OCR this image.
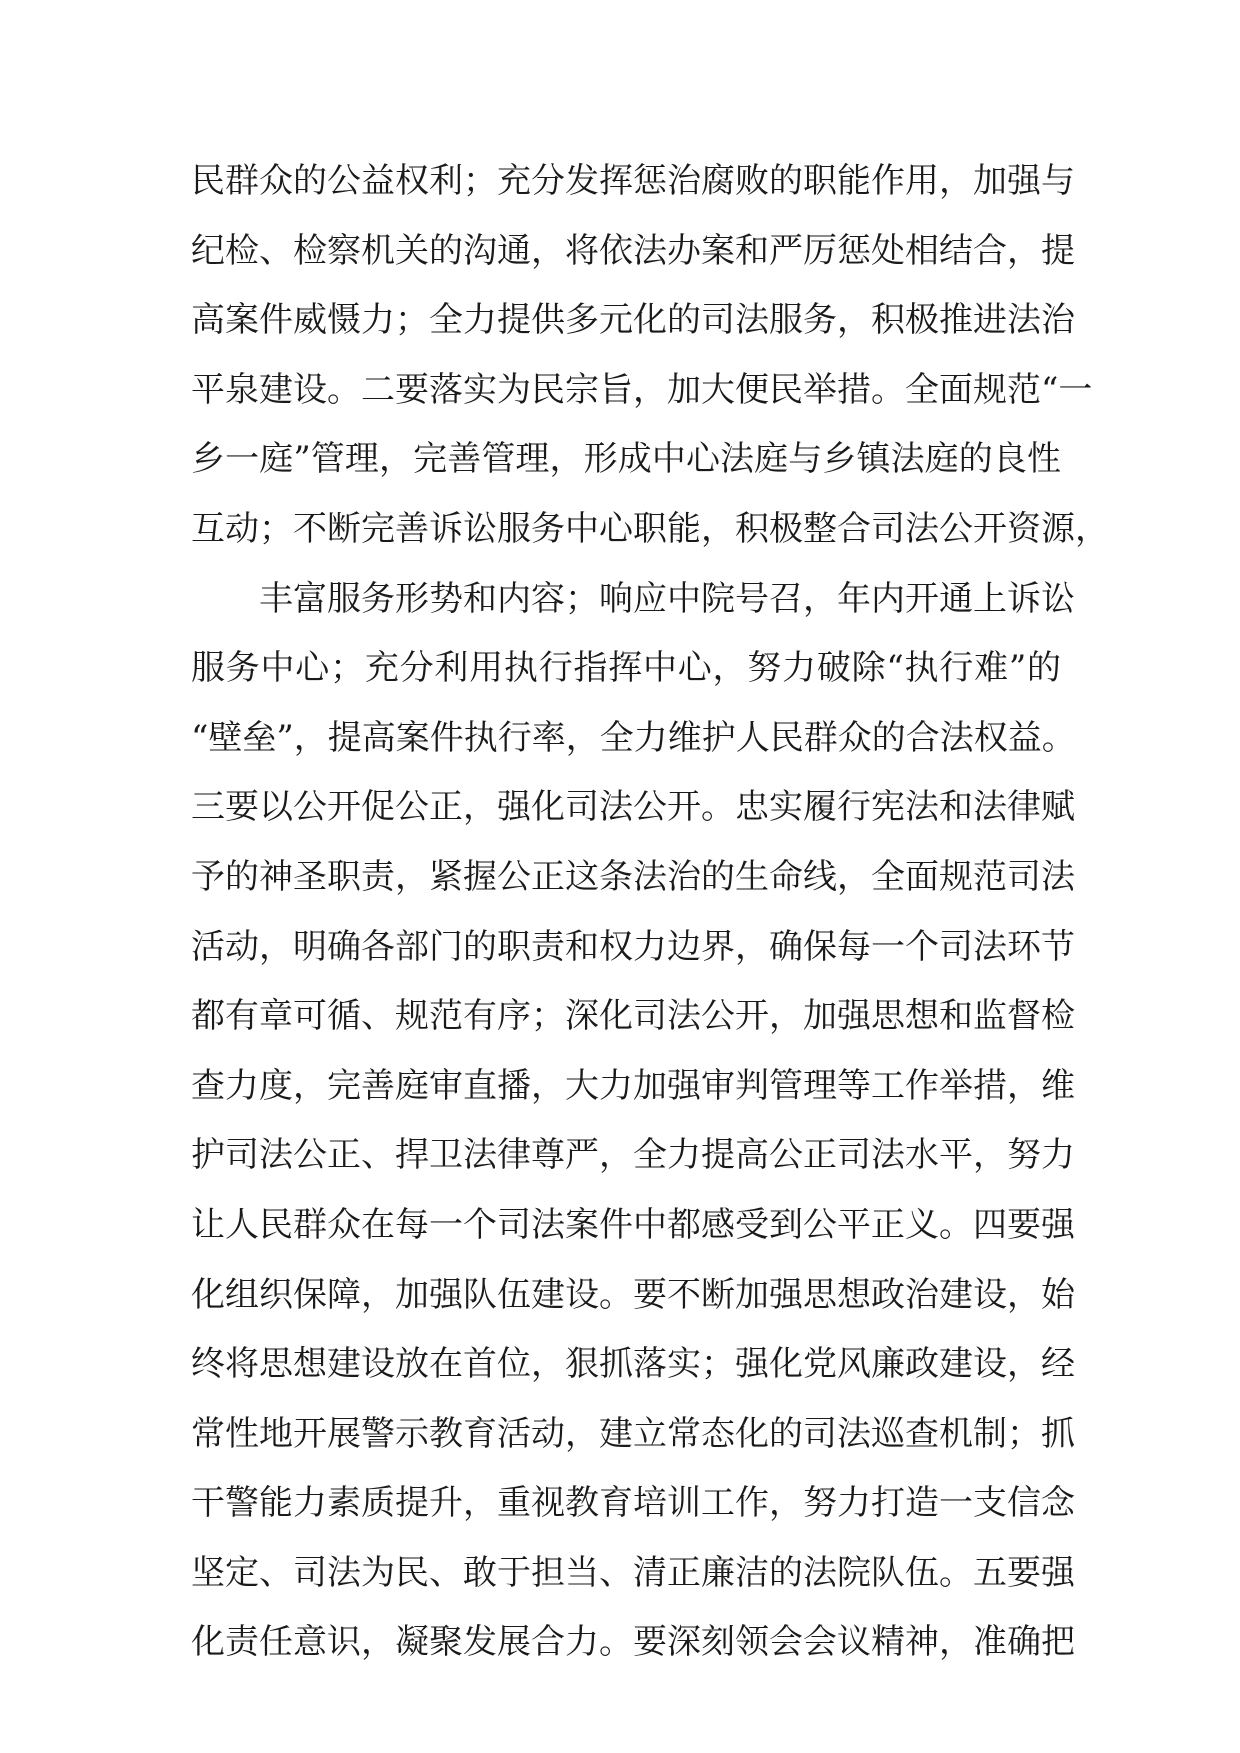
民群众的公益权利；充分发挥惩治腐败的职能作用，加强与
纪检、检察机关的沟通，将依法办案和严厉惩处相结合，提
高案件威慑力；全力提供多元化的司法服务，积极推进法治
平泉建设。二要落实为民宗旨，加大便民举措。全面规范“一
乡一庭”管理，完善管理，形成中心法庭与乡镇法庭的良性
互动；不断完善诉讼服务中心职能，积极整合司法公开资源，
丰富服务形势和内容；响应中院号召，年内开通上诉讼
服务中心；充分利用执行指挥中心，努力破除“执行难”的
“壁垒”，提高案件执行率，全力维护人民群众的合法权益。
三要以公开促公正，强化司法公开。忠实履行宪法和法律赋
予的神圣职责，紧握公正这条法治的生命线，全面规范司法
活动，明确各部门的职责和权力边界，确保每一个司法环节
都有章可循、规范有序；深化司法公开，加强思想和监督检
查力度，完善庭审直播，大力加强审判管理等工作举措，维
护司法公正、捍卫法律尊严，全力提高公正司法水平，努力
让人民群众在每一个司法案件中都感受到公平正义。四要强
化组织保障，加强队伍建设。要不断加强思想政治建设，始
终将思想建设放在首位，狠抓落实；强化党风廉政建设，经
常性地开展警示教育活动，建立常态化的司法巡查机制；抓
干警能力素质提升，重视教育培训工作，努力打造一支信念
坚定、司法为民、敢于担当、清正廉洁的法院队伍。五要强
化责任意识，凝聚发展合力。要深刻领会会议精神，准确把
